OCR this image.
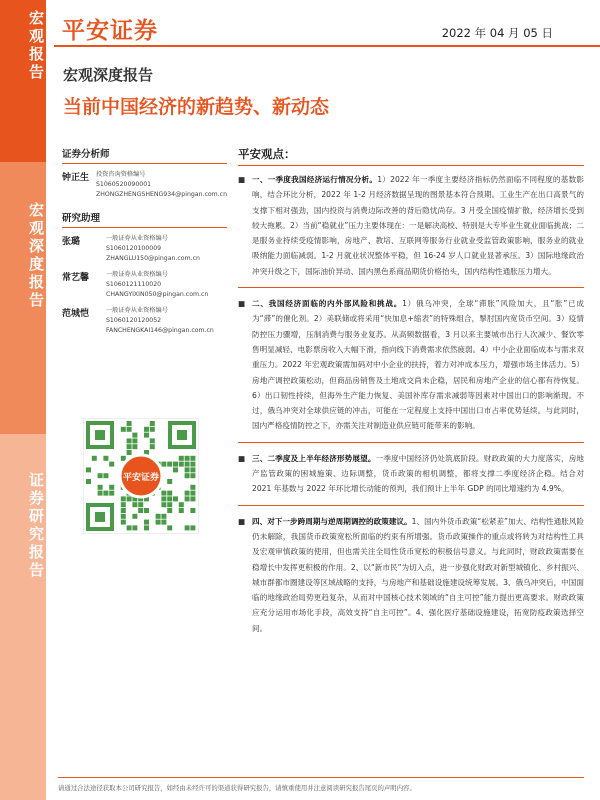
宏观报告
宏观深度报告
证券研究报告
平安证券	2022 年 04 月 05 日
宏观深度报告
当前中国经济的新趋势、新动态
证券分析师
钟正生	投资咨询资格编号
S1060520090001
ZHONGZHENGSHENG934@pingan.com.cn
研究助理
张璐	一般证券从业资格编号
S1060120100009
ZHANGLU150@pingan.com.cn
常艺馨	一般证券从业资格编号
S1060121110020
CHANGYIXIN050@pingan.com.cn
范城恺	一般证券从业资格编号
S1060120120052
FANCHENGKAI146@pingan.com.cn
平安证券
平安观点：
■ 一、一季度我国经济运行情况分析。1）2022 年一季度主要经济指标仍然面临不同程度的基数影响，结合环比分析，2022 年 1-2 月经济数据呈现的图景基本符合预期。工业生产在出口高景气的支撑下相对强劲，国内投资与消费边际改善的背后隐忧尚存。3 月受全国疫情扩散，经济增长受到较大拖累。2）当前“稳就业”压力主要体现在：一是解决高校、特别是大专毕业生就业面临挑战；二是服务业持续受疫情影响，房地产、教培、互联网等服务行业就业受监管政策影响，服务业的就业吸纳能力面临减弱。1-2 月就业状况整体平稳，但 16-24 岁人口就业显著承压。3）国际地缘政治冲突升级之下，国际油价异动、国内黑色系商品期货价格抬头，国内结构性通胀压力增大。
■ 二、我国经济面临的内外部风险和挑战。1）俄乌冲突，全球“滞胀”风险加大，且“胀”已成为“滞”的催化剂。2）美联储或将采用“快加息+缩表”的特殊组合，掣肘国内宽货币空间。3）疫情防控压力骤增，压制消费与服务业复苏。从高频数据看，3 月以来主要城市出行人次减少、餐饮零售明显减轻、电影票房收入大幅下滑，指向线下消费需求依然疲弱。4）中小企业面临成本与需求双重压力。2022 年宏观政策需加码对中小企业的扶持，着力对冲成本压力，增强市场主体活力。5）房地产调控政策松动，但商品房销售及土地成交尚未企稳，居民和房地产企业的信心都有待恢复。6）出口韧性持续，但海外生产能力恢复、美国补库存需求减弱等因素对中国出口的影响渐现。不过，俄乌冲突对全球供应链的冲击，可能在一定程度上支持中国出口市占率优势延续。与此同时，国内严格疫情防控之下，亦需关注对制造业供应链可能带来的影响。
■ 三、二季度及上半年经济形势展望。一季度中国经济仍处筑底阶段。财政政策的大力度落实，房地产监管政策的困城施策、边际调整，货币政策的相机调整，都将支撑二季度经济企稳。结合对 2021 年基数与 2022 年环比增长动能的预判，我们预计上半年 GDP 的同比增速约为 4.9%。
■ 四、对下一步跨周期与逆周期调控的政策建议。1、国内外货币政策“松紧差”加大、结构性通胀风险仍未解除，我国货币政策宽松所面临的约束有所增强。货币政策操作的重点或将转为对结构性工具及宏观审慎政策的使用，但也需关注全局性货币宽松的积极信号意义。与此同时，财政政策需要在稳增长中发挥更积极的作用。2、以“新市民”为切入点，进一步强化财政对新型城镇化、乡村振兴、城市群都市圈建设等区域战略的支持，与房地产和基础设施建设统筹发展。3、俄乌冲突后，中国面临的地缘政治局势更趋复杂，从而对中国核心技术领域的“自主可控”能力提出更高要求。财政政策应充分运用市场化手段，高效支持“自主可控”。4、强化医疗基础设施建设，拓宽防疫政策选择空间。
请通过合法途径获取本公司研究报告，如经由未经许可的渠道获得研究报告，请慎重使用并注意阅读研究报告尾页的声明内容。
